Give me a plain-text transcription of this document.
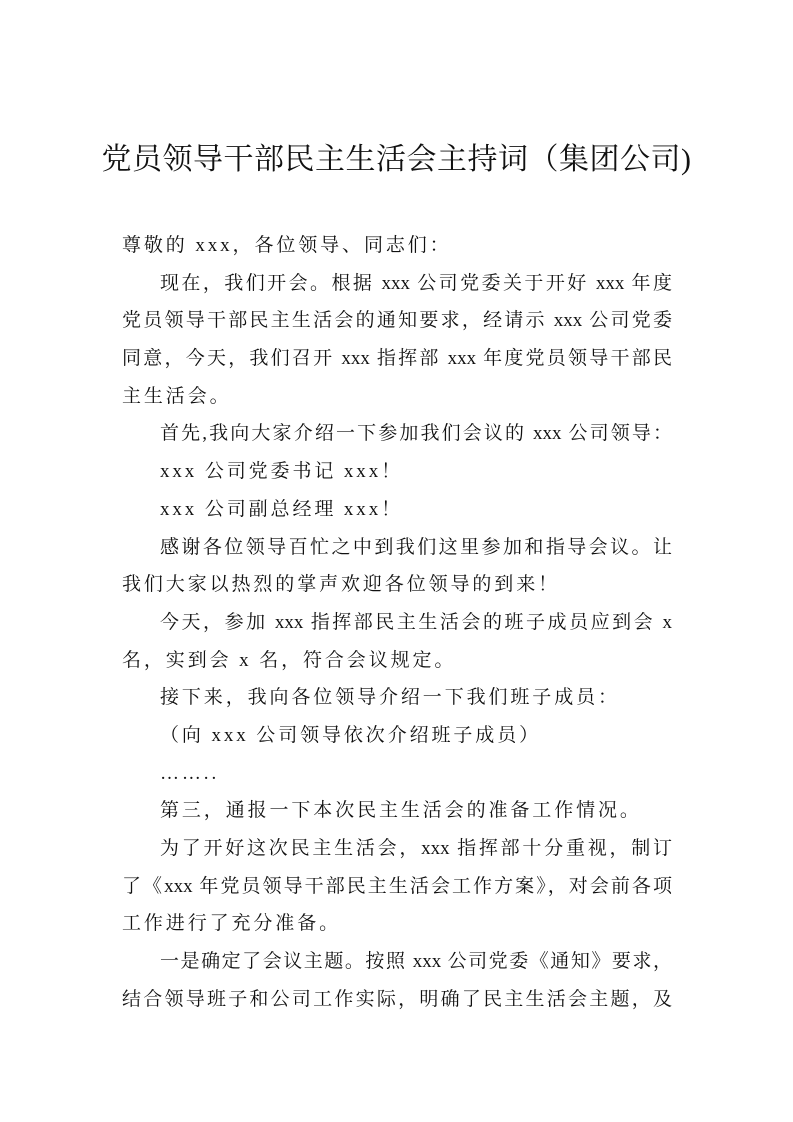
党员领导干部民主生活会主持词（集团公司)
尊敬的 xxx，各位领导、同志们：
现在，我们开会。根据 xxx 公司党委关于开好 xxx 年度
党员领导干部民主生活会的通知要求，经请示 xxx 公司党委
同意，今天，我们召开 xxx 指挥部 xxx 年度党员领导干部民
主生活会。
首先,我向大家介绍一下参加我们会议的 xxx 公司领导：
xxx 公司党委书记 xxx！
xxx 公司副总经理 xxx！
感谢各位领导百忙之中到我们这里参加和指导会议。让
我们大家以热烈的掌声欢迎各位领导的到来！
今天，参加 xxx 指挥部民主生活会的班子成员应到会 x
名，实到会 x 名，符合会议规定。
接下来，我向各位领导介绍一下我们班子成员：
（向 xxx 公司领导依次介绍班子成员）
……..
第三，通报一下本次民主生活会的准备工作情况。
为了开好这次民主生活会，xxx 指挥部十分重视，制订
了《xxx 年党员领导干部民主生活会工作方案》，对会前各项
工作进行了充分准备。
一是确定了会议主题。按照 xxx 公司党委《通知》要求，
结合领导班子和公司工作实际，明确了民主生活会主题，及
